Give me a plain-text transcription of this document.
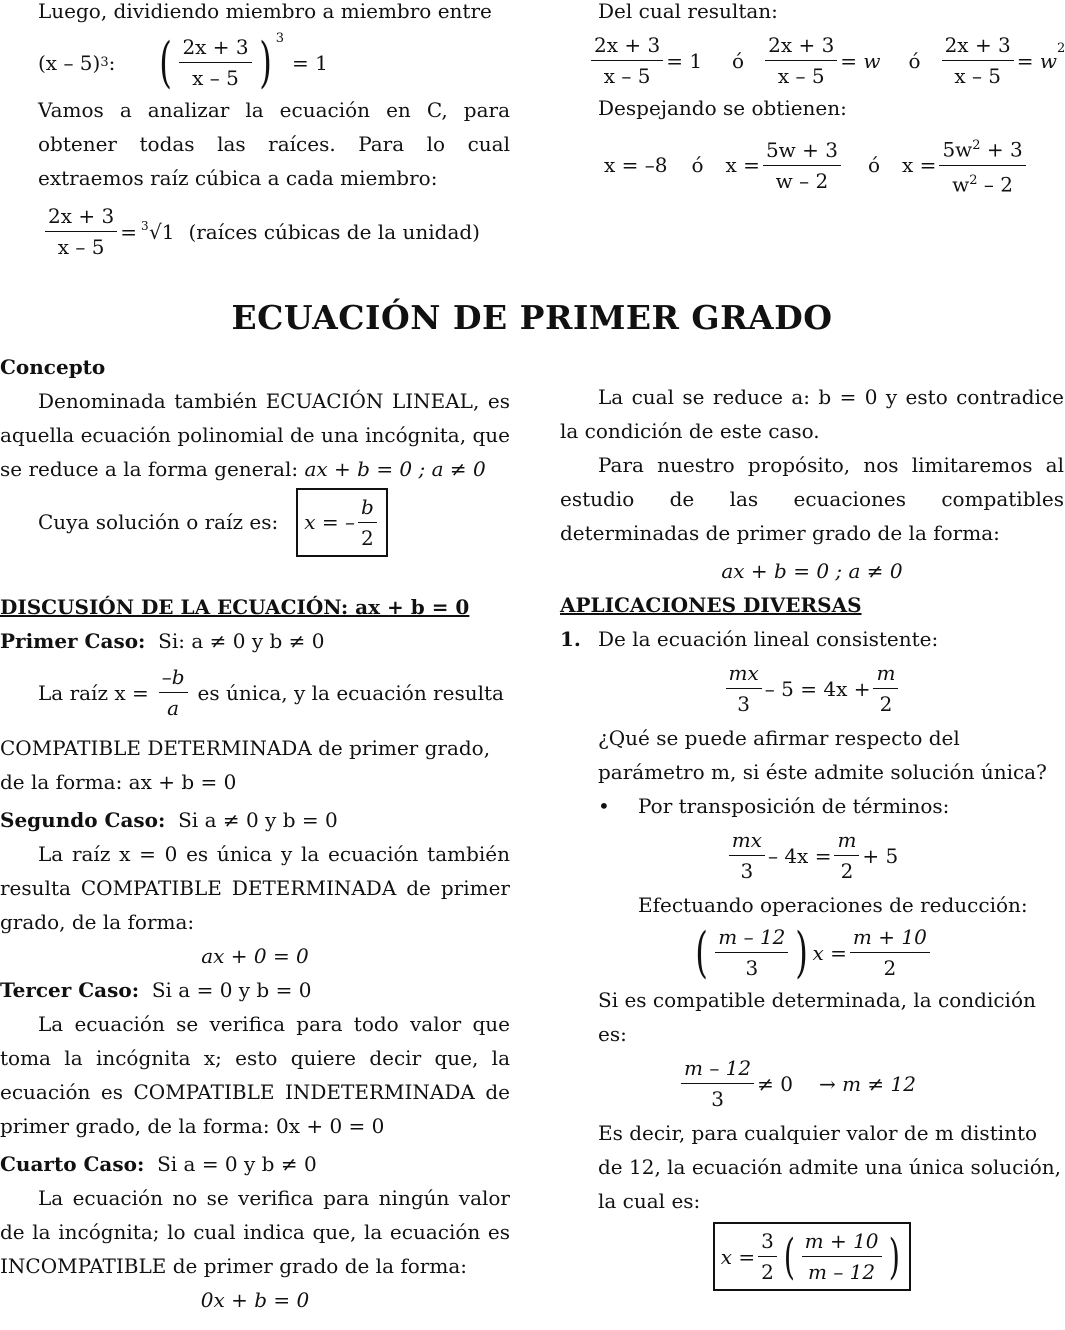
Luego, dividiendo miembro a miembro entre

(x – 5) 3 : ( $\frac{2x + 3}{x - 5}$ ) $^3$
= 1

Vamos a analizar la ecuación en C, para obtener todas las raíces. Para lo cual extraemos raíz cúbica a cada miembro:

$\frac{2x + 3}{x - 5} = 3$ √1 (raíces cúbicas de la unidad)

Del cual resultan:

$\frac{2x + 3}{x - 5} = 1$ ó $\frac{2x + 3}{x - 5} = w$ ó $\frac{2x + 3}{x - 5} = w$
$^2$

Despejando se obtienen:

x = –8 ó $x = \frac{5w + 3}{w - 2}$ ó $x = \frac{5w^2 + 3}{w^2 - 2}$
ECUACIÓN DE PRIMER GRADO

Concepto

Denominada también ECUACIÓN LINEAL, es aquella ecuación polinomial de una incógnita, que se reduce a la forma general: ax + b = 0 ; a ≠ 0

Cuya solución o raíz es: x = – $\frac{b}{2}$

DISCUSIÓN DE LA ECUACIÓN: ax + b = 0

Primer Caso: Si: a ≠ 0 y b ≠ 0

La raíz $x = \frac{-b}{a}$ es única, y la ecuación resulta

COMPATIBLE DETERMINADA de primer grado, de la forma: ax + b = 0

Segundo Caso: Si a ≠ 0 y b = 0

La raíz x = 0 es única y la ecuación también resulta COMPATIBLE DETERMINADA de primer grado, de la forma:

ax + 0 = 0

Tercer Caso: Si a = 0 y b = 0

La ecuación se verifica para todo valor que toma la incógnita x; esto quiere decir que, la ecuación es COMPATIBLE INDETERMINADA de primer grado, de la forma: 0x + 0 = 0

Cuarto Caso: Si a = 0 y b ≠ 0

La ecuación no se verifica para ningún valor de la incógnita; lo cual indica que, la ecuación es INCOMPATIBLE de primer grado de la forma:

0x + b = 0

La cual se reduce a: b = 0 y esto contradice la condición de este caso.

Para nuestro propósito, nos limitaremos al estudio de las ecuaciones compatibles determinadas de primer grado de la forma:

ax + b = 0 ; a ≠ 0

APLICACIONES DIVERSAS

1. De la ecuación lineal consistente:

$\frac{mx}{3} - 5 = 4x + \frac{m}{2}$

¿Qué se puede afirmar respecto del parámetro m, si éste admite solución única?

• Por transposición de términos:

$\frac{mx}{3} - 4x = \frac{m}{2} + 5$

Efectuando operaciones de reducción:

( $\frac{m - 12}{3}$ ) $x = \frac{m + 10}{2}$

Si es compatible determinada, la condición es:

$\frac{m - 12}{3} \ne 0 \to m \ne 12$

Es decir, para cualquier valor de m distinto de 12, la ecuación admite una única solución, la cual es:

$x = \frac{3}{2}$ ( $\frac{m + 10}{m - 12}$ )
